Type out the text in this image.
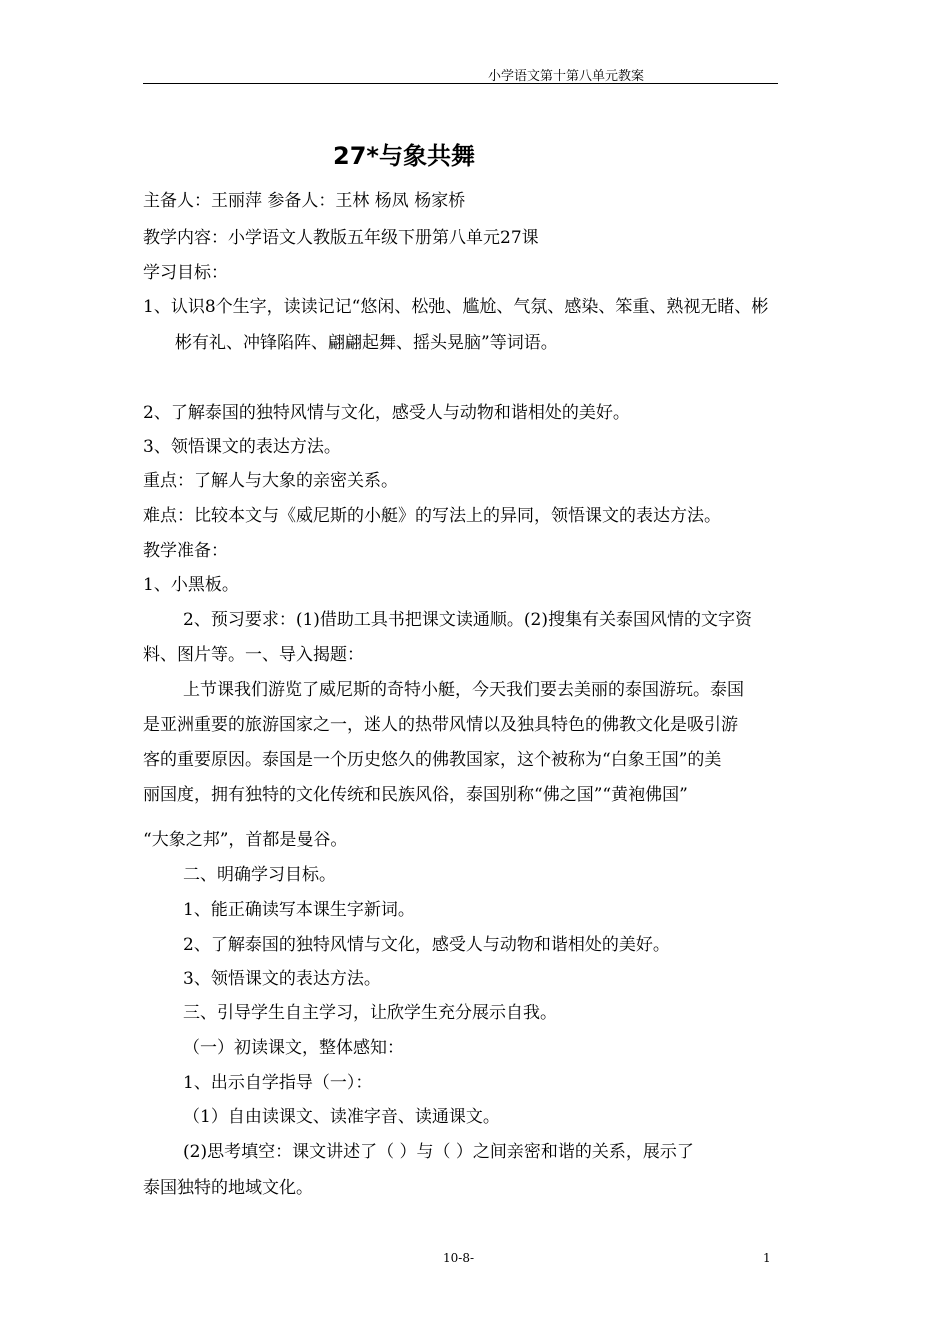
小学语文第十第八单元教案
27*与象共舞
主备人：王丽萍 参备人：王林 杨凤 杨家桥
教学内容：小学语文人教版五年级下册第八单元27课
学习目标：
1、认识8个生字，读读记记“悠闲、松弛、尴尬、气氛、感染、笨重、熟视无睹、彬
彬有礼、冲锋陷阵、翩翩起舞、摇头晃脑”等词语。
2、了解泰国的独特风情与文化，感受人与动物和谐相处的美好。
3、领悟课文的表达方法。
重点：了解人与大象的亲密关系。
难点：比较本文与《威尼斯的小艇》的写法上的异同，领悟课文的表达方法。
教学准备：
1、小黑板。
2、预习要求：(1)借助工具书把课文读通顺。(2)搜集有关泰国风情的文字资
料、图片等。一、导入揭题：
上节课我们游览了威尼斯的奇特小艇，今天我们要去美丽的泰国游玩。泰国
是亚洲重要的旅游国家之一，迷人的热带风情以及独具特色的佛教文化是吸引游
客的重要原因。泰国是一个历史悠久的佛教国家，这个被称为“白象王国”的美
丽国度，拥有独特的文化传统和民族风俗，泰国别称“佛之国”“黄袍佛国”
“大象之邦”，首都是曼谷。
二、明确学习目标。
1、能正确读写本课生字新词。
2、了解泰国的独特风情与文化，感受人与动物和谐相处的美好。
3、领悟课文的表达方法。
三、引导学生自主学习，让欣学生充分展示自我。
（一）初读课文，整体感知：
1、出示自学指导（一）：
（1）自由读课文、读准字音、读通课文。
(2)思考填空：课文讲述了（ ）与（ ）之间亲密和谐的关系，展示了
泰国独特的地域文化。
10-8-	1
